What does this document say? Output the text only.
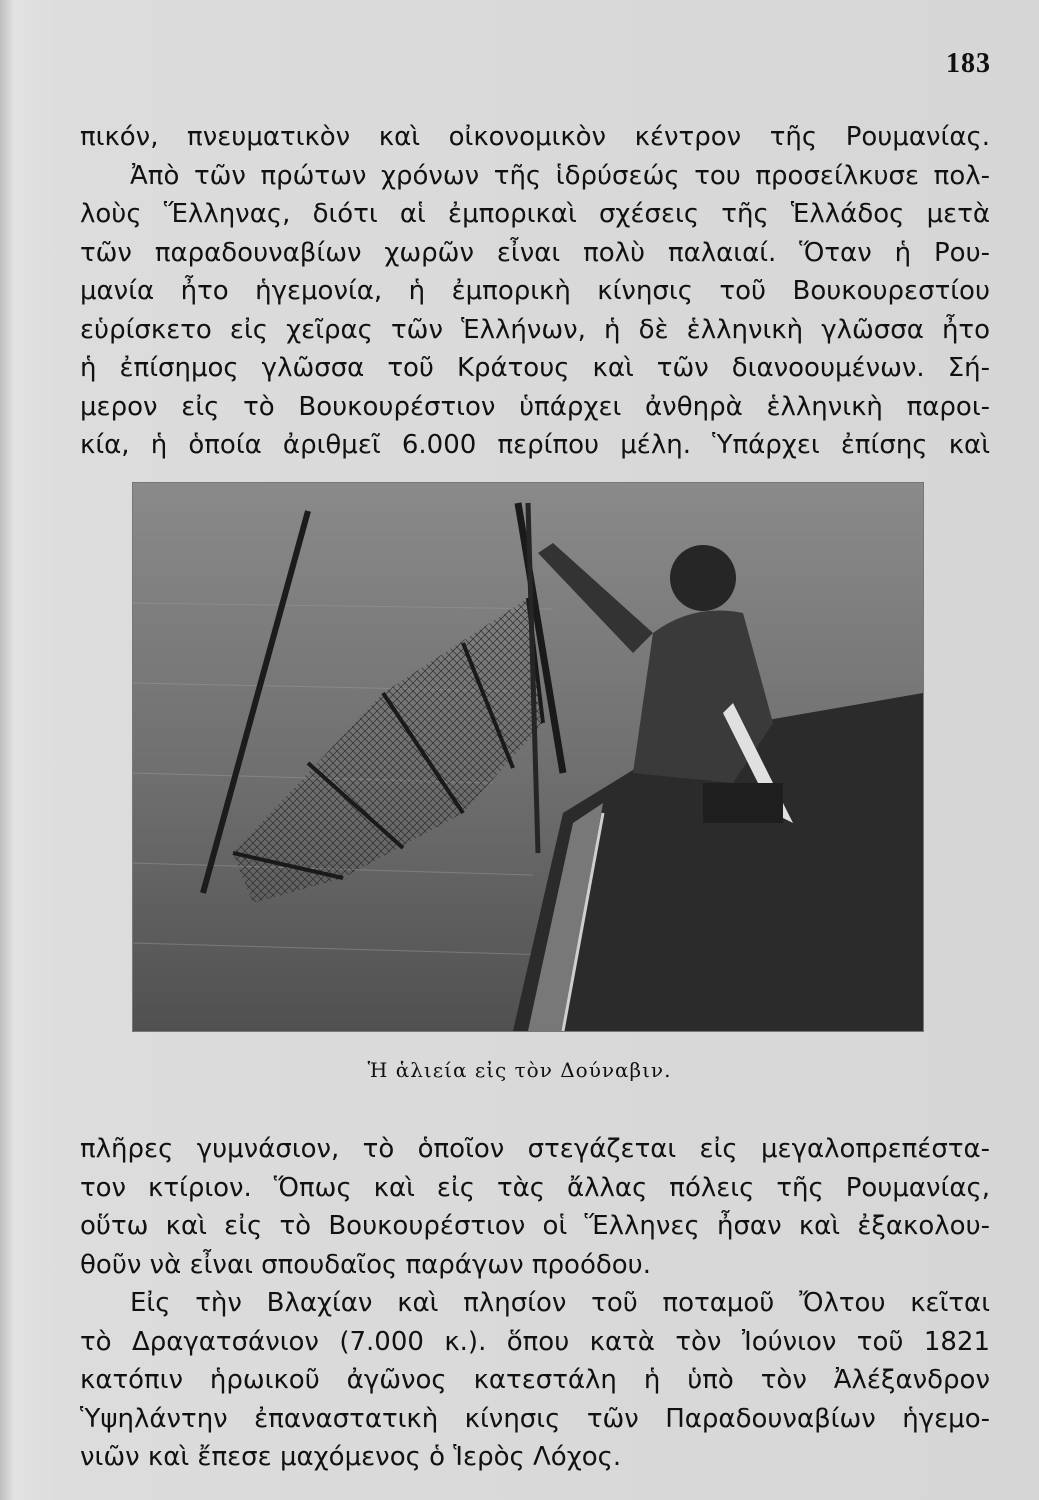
183
πικόν, πνευματικὸν καὶ οἰκονομικὸν κέντρον τῆς Ρουμανίας.
Ἀπὸ τῶν πρώτων χρόνων τῆς ἱδρύσεώς του προσείλκυσε πολ-
λοὺς Ἕλληνας, διότι αἱ ἐμπορικαὶ σχέσεις τῆς Ἑλλάδος μετὰ
τῶν παραδουναβίων χωρῶν εἶναι πολὺ παλαιαί. Ὅταν ἡ Ρου-
μανία ἦτο ἡγεμονία, ἡ ἐμπορικὴ κίνησις τοῦ Βουκουρεστίου
εὑρίσκετο εἰς χεῖρας τῶν Ἑλλήνων, ἡ δὲ ἑλληνικὴ γλῶσσα ἦτο
ἡ ἐπίσημος γλῶσσα τοῦ Κράτους καὶ τῶν διανοουμένων. Σή-
μερον εἰς τὸ Βουκουρέστιον ὑπάρχει ἀνθηρὰ ἑλληνικὴ παροι-
κία, ἡ ὁποία ἀριθμεῖ 6.000 περίπου μέλη. Ὑπάρχει ἐπίσης καὶ
Ἡ ἁλιεία εἰς τὸν Δούναβιν.
πλῆρες γυμνάσιον, τὸ ὁποῖον στεγάζεται εἰς μεγαλοπρεπέστα-
τον κτίριον. Ὅπως καὶ εἰς τὰς ἄλλας πόλεις τῆς Ρουμανίας,
οὕτω καὶ εἰς τὸ Βουκουρέστιον οἱ Ἕλληνες ἦσαν καὶ ἐξακολου-
θοῦν νὰ εἶναι σπουδαῖος παράγων προόδου.
Εἰς τὴν Βλαχίαν καὶ πλησίον τοῦ ποταμοῦ Ὄλτου κεῖται
τὸ Δραγατσάνιον (7.000 κ.). ὅπου κατὰ τὸν Ἰούνιον τοῦ 1821
κατόπιν ἡρωικοῦ ἀγῶνος κατεστάλη ἡ ὑπὸ τὸν Ἀλέξανδρον
Ὑψηλάντην ἐπαναστατικὴ κίνησις τῶν Παραδουναβίων ἡγεμο-
νιῶν καὶ ἔπεσε μαχόμενος ὁ Ἱερὸς Λόχος.
